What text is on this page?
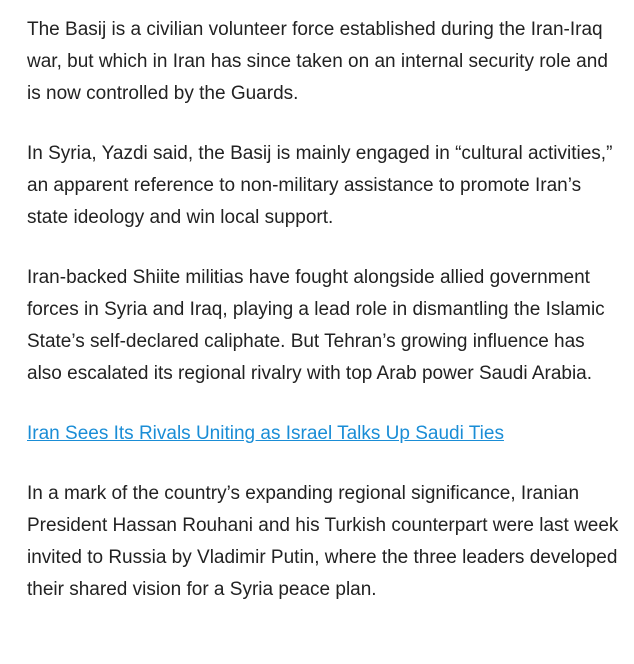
The Basij is a civilian volunteer force established during the Iran-Iraq war, but which in Iran has since taken on an internal security role and is now controlled by the Guards.

In Syria, Yazdi said, the Basij is mainly engaged in “cultural activities,” an apparent reference to non-military assistance to promote Iran’s state ideology and win local support.

Iran-backed Shiite militias have fought alongside allied government forces in Syria and Iraq, playing a lead role in dismantling the Islamic State’s self-declared caliphate. But Tehran’s growing influence has also escalated its regional rivalry with top Arab power Saudi Arabia.

Iran Sees Its Rivals Uniting as Israel Talks Up Saudi Ties

In a mark of the country’s expanding regional significance, Iranian President Hassan Rouhani and his Turkish counterpart were last week invited to Russia by Vladimir Putin, where the three leaders developed their shared vision for a Syria peace plan.
